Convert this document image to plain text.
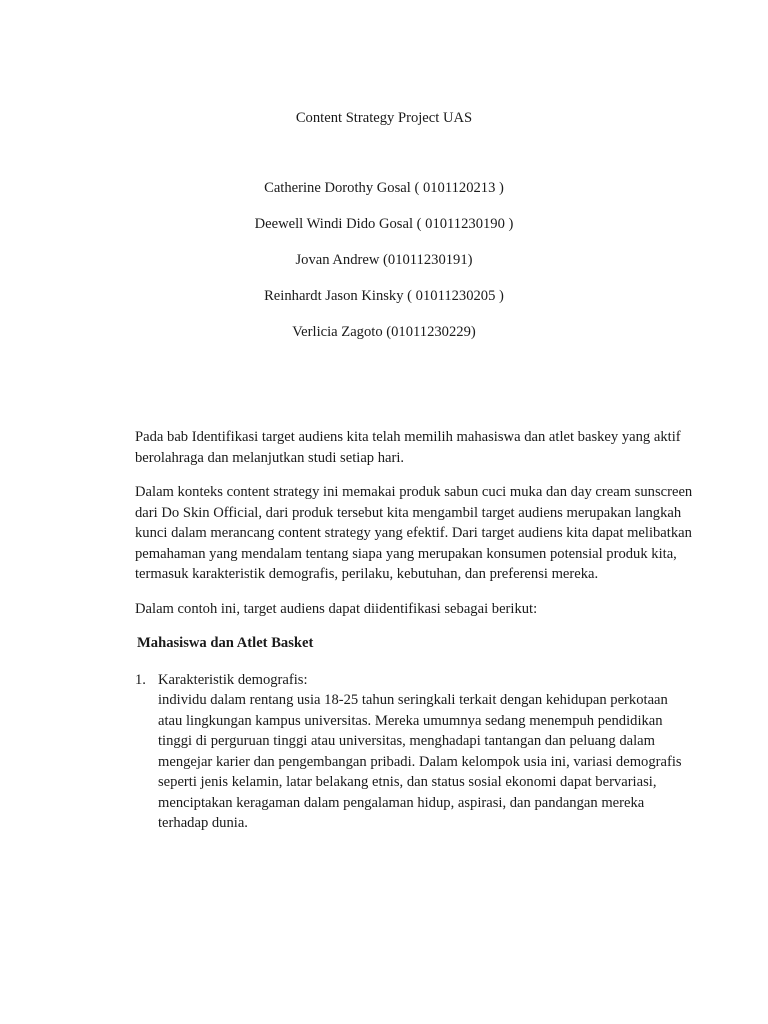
Content Strategy Project UAS
Catherine Dorothy Gosal ( 0101120213 )
Deewell Windi Dido Gosal ( 01011230190 )
Jovan Andrew (01011230191)
Reinhardt Jason Kinsky ( 01011230205 )
Verlicia Zagoto (01011230229)

Pada bab Identifikasi target audiens kita telah memilih mahasiswa dan atlet baskey yang aktif berolahraga dan melanjutkan studi setiap hari.

Dalam konteks content strategy ini memakai produk sabun cuci muka dan day cream sunscreen dari Do Skin Official, dari produk tersebut kita mengambil target audiens merupakan langkah kunci dalam merancang content strategy yang efektif. Dari target audiens kita dapat melibatkan pemahaman yang mendalam tentang siapa yang merupakan konsumen potensial produk kita, termasuk karakteristik demografis, perilaku, kebutuhan, dan preferensi mereka.

Dalam contoh ini, target audiens dapat diidentifikasi sebagai berikut:

Mahasiswa dan Atlet Basket
1. Karakteristik demografis:
individu dalam rentang usia 18-25 tahun seringkali terkait dengan kehidupan perkotaan atau lingkungan kampus universitas. Mereka umumnya sedang menempuh pendidikan tinggi di perguruan tinggi atau universitas, menghadapi tantangan dan peluang dalam mengejar karier dan pengembangan pribadi. Dalam kelompok usia ini, variasi demografis seperti jenis kelamin, latar belakang etnis, dan status sosial ekonomi dapat bervariasi, menciptakan keragaman dalam pengalaman hidup, aspirasi, dan pandangan mereka terhadap dunia.
